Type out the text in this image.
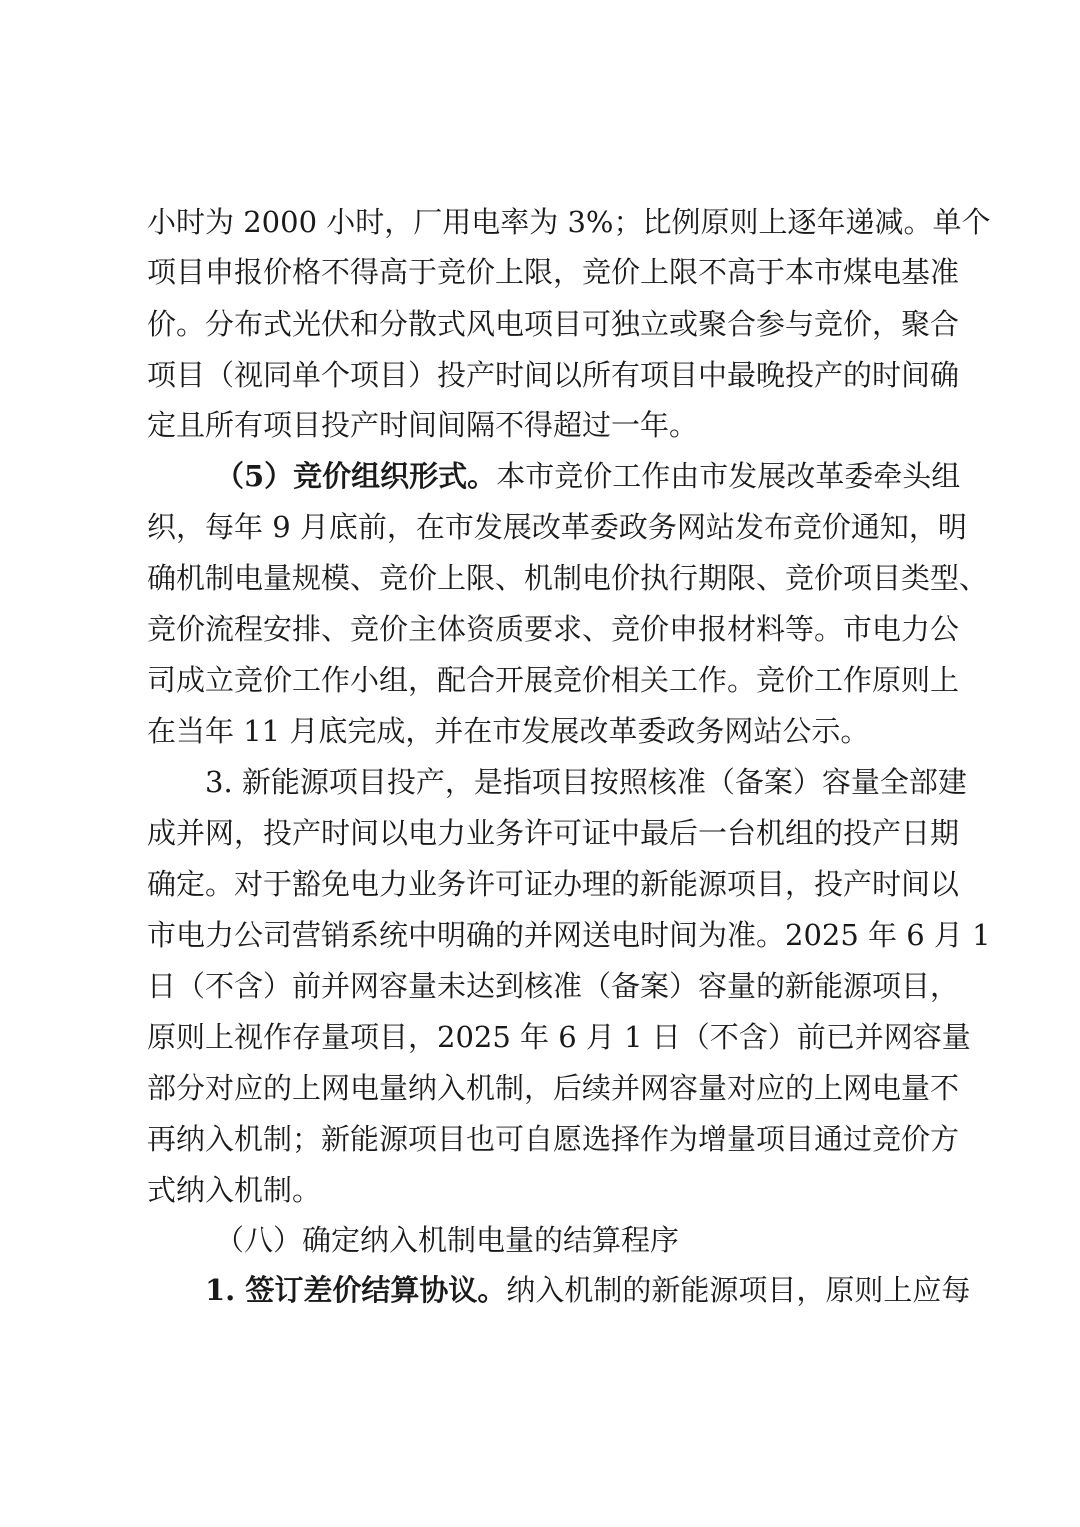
小时为 2000 小时，厂用电率为 3%；比例原则上逐年递减。单个
项目申报价格不得高于竞价上限，竞价上限不高于本市煤电基准
价。分布式光伏和分散式风电项目可独立或聚合参与竞价，聚合
项目（视同单个项目）投产时间以所有项目中最晚投产的时间确
定且所有项目投产时间间隔不得超过一年。
（5）竞价组织形式。本市竞价工作由市发展改革委牵头组
织，每年 9 月底前，在市发展改革委政务网站发布竞价通知，明
确机制电量规模、竞价上限、机制电价执行期限、竞价项目类型、
竞价流程安排、竞价主体资质要求、竞价申报材料等。市电力公
司成立竞价工作小组，配合开展竞价相关工作。竞价工作原则上
在当年 11 月底完成，并在市发展改革委政务网站公示。
3. 新能源项目投产，是指项目按照核准（备案）容量全部建
成并网，投产时间以电力业务许可证中最后一台机组的投产日期
确定。对于豁免电力业务许可证办理的新能源项目，投产时间以
市电力公司营销系统中明确的并网送电时间为准。2025 年 6 月 1
日（不含）前并网容量未达到核准（备案）容量的新能源项目，
原则上视作存量项目，2025 年 6 月 1 日（不含）前已并网容量
部分对应的上网电量纳入机制，后续并网容量对应的上网电量不
再纳入机制；新能源项目也可自愿选择作为增量项目通过竞价方
式纳入机制。
（八）确定纳入机制电量的结算程序
1. 签订差价结算协议。纳入机制的新能源项目，原则上应每
